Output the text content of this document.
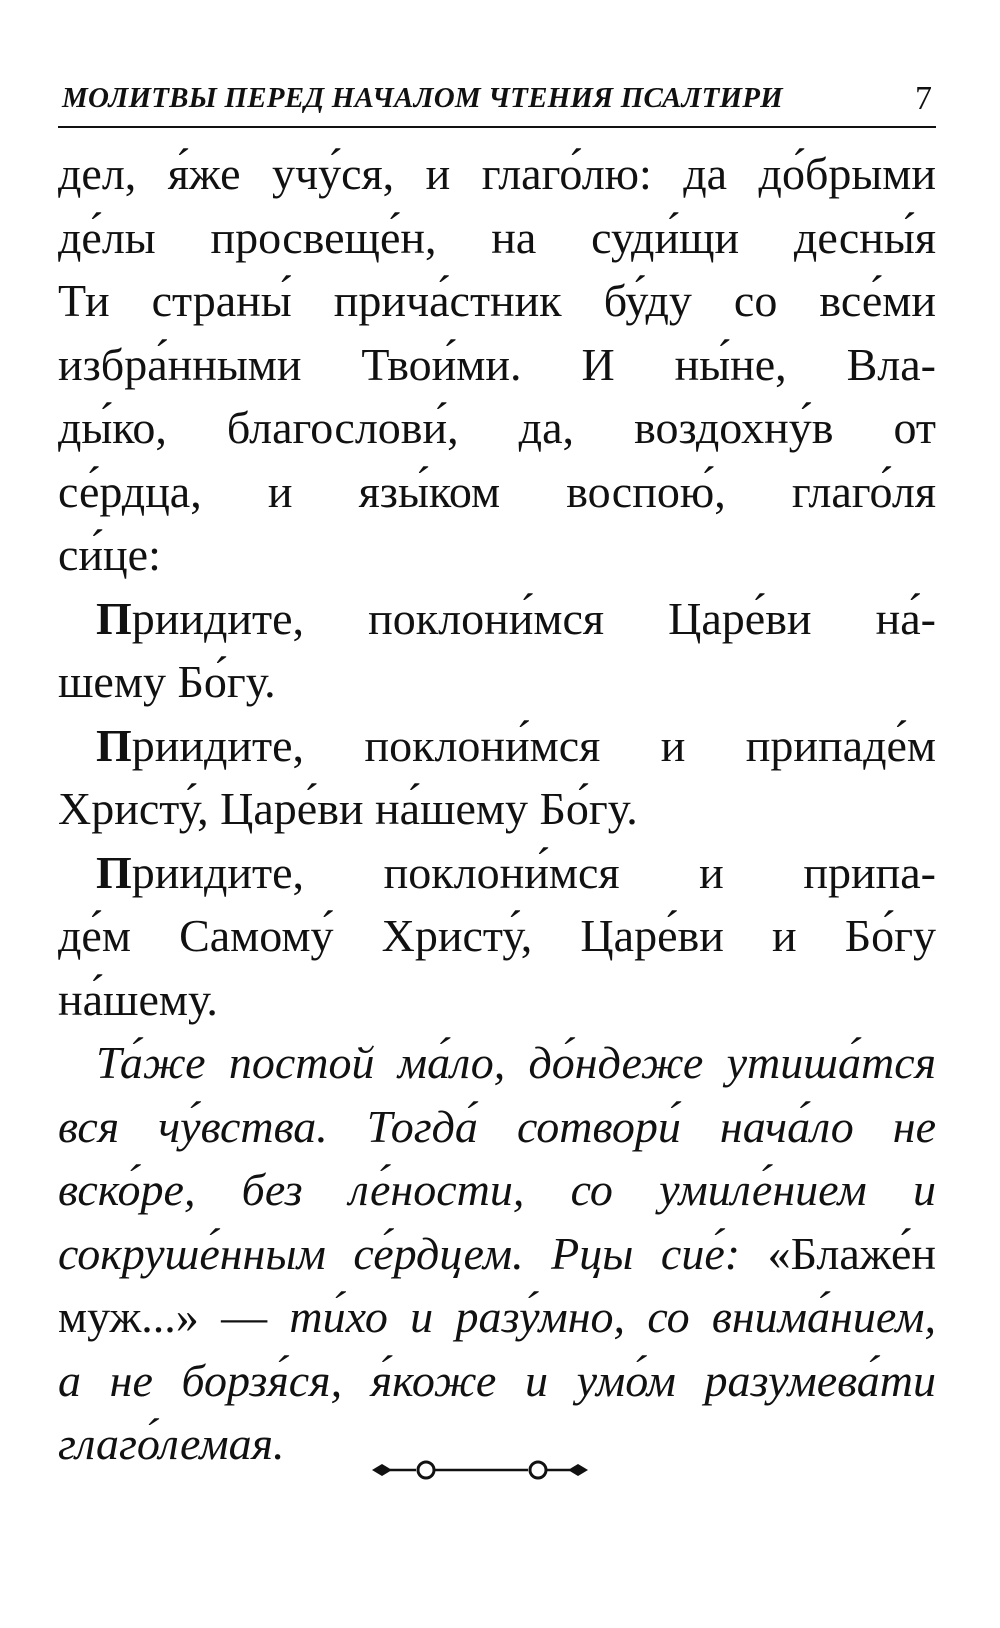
МОЛИТВЫ ПЕРЕД НАЧАЛОМ ЧТЕНИЯ ПСАЛТИРИ	7
дел, я́же учу́ся, и глаго́лю: да до́брыми
де́лы просвеще́н, на суди́щи десны́я
Ти страны́ прича́стник бу́ду со все́ми
избра́нными Твои́ми. И ны́не, Вла-
ды́ко, благослови́, да, воздохну́в от
се́рдца, и язы́ком воспою́, глаго́ля
си́це:
Приидите, поклони́мся Царе́ви на́-
шему Бо́гу.
Приидите, поклони́мся и припаде́м
Христу́, Царе́ви на́шему Бо́гу.
Приидите, поклони́мся и припа-
де́м Самому́ Христу́, Царе́ви и Бо́гу
на́шему.
Та́же постой ма́ло, до́ндеже утиша́тся
вся чу́вства. Тогда́ сотвори́ нача́ло не
вско́ре, без ле́ности, со умиле́нием и
сокруше́нным се́рдцем. Рцы сие́: «Блаже́н
муж...» — ти́хо и разу́мно, со внима́нием,
а не борзя́ся, я́коже и умо́м разумева́ти
глаго́лемая.
